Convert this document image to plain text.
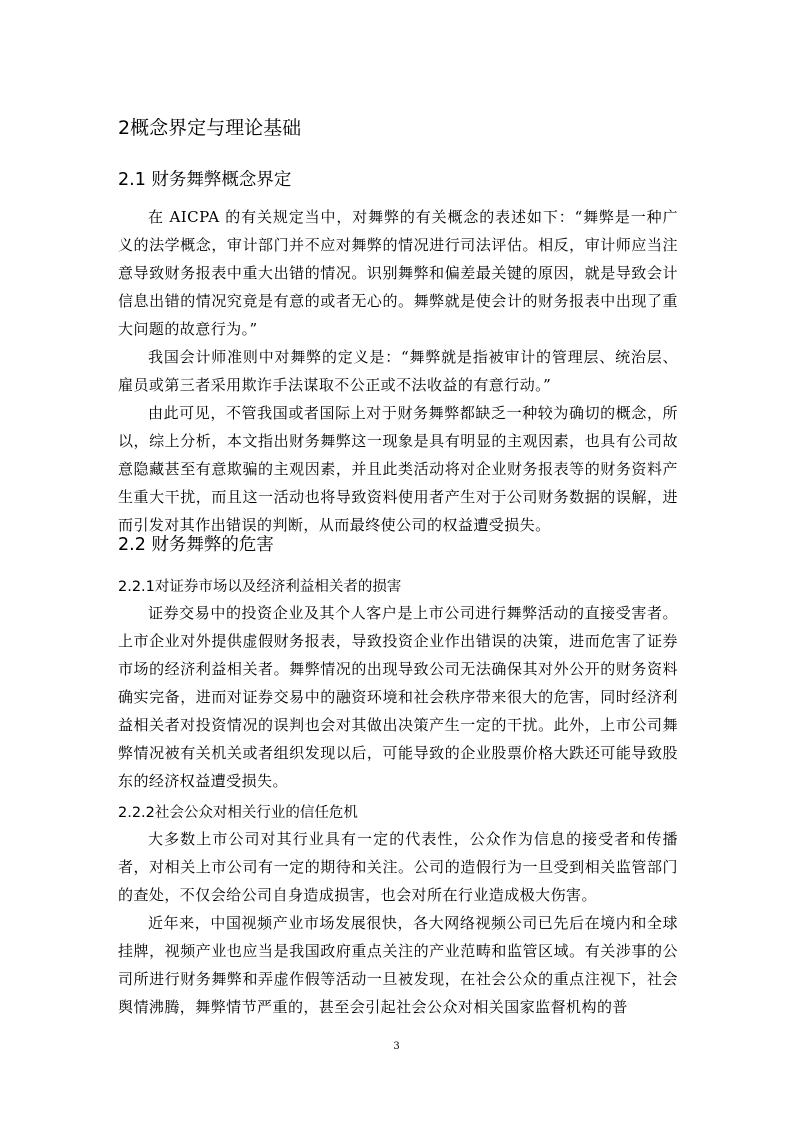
2概念界定与理论基础
2.1 财务舞弊概念界定

在 AICPA 的有关规定当中，对舞弊的有关概念的表述如下：“舞弊是一种广义的法学概念，审计部门并不应对舞弊的情况进行司法评估。相反，审计师应当注意导致财务报表中重大出错的情况。识别舞弊和偏差最关键的原因，就是导致会计信息出错的情况究竟是有意的或者无心的。舞弊就是使会计的财务报表中出现了重大问题的故意行为。”

我国会计师准则中对舞弊的定义是：“舞弊就是指被审计的管理层、统治层、雇员或第三者采用欺诈手法谋取不公正或不法收益的有意行动。”

由此可见，不管我国或者国际上对于财务舞弊都缺乏一种较为确切的概念，所以，综上分析，本文指出财务舞弊这一现象是具有明显的主观因素，也具有公司故意隐藏甚至有意欺骗的主观因素，并且此类活动将对企业财务报表等的财务资料产生重大干扰，而且这一活动也将导致资料使用者产生对于公司财务数据的误解，进而引发对其作出错误的判断，从而最终使公司的权益遭受损失。

2.2 财务舞弊的危害
2.2.1对证券市场以及经济利益相关者的损害

证券交易中的投资企业及其个人客户是上市公司进行舞弊活动的直接受害者。上市企业对外提供虚假财务报表，导致投资企业作出错误的决策，进而危害了证券市场的经济利益相关者。舞弊情况的出现导致公司无法确保其对外公开的财务资料确实完备，进而对证券交易中的融资环境和社会秩序带来很大的危害，同时经济利益相关者对投资情况的误判也会对其做出决策产生一定的干扰。此外，上市公司舞弊情况被有关机关或者组织发现以后，可能导致的企业股票价格大跌还可能导致股东的经济权益遭受损失。

2.2.2社会公众对相关行业的信任危机

大多数上市公司对其行业具有一定的代表性，公众作为信息的接受者和传播者，对相关上市公司有一定的期待和关注。公司的造假行为一旦受到相关监管部门的查处，不仅会给公司自身造成损害，也会对所在行业造成极大伤害。

近年来，中国视频产业市场发展很快，各大网络视频公司已先后在境内和全球挂牌，视频产业也应当是我国政府重点关注的产业范畴和监管区域。有关涉事的公司所进行财务舞弊和弄虚作假等活动一旦被发现，在社会公众的重点注视下，社会舆情沸腾，舞弊情节严重的，甚至会引起社会公众对相关国家监督机构的普

3
